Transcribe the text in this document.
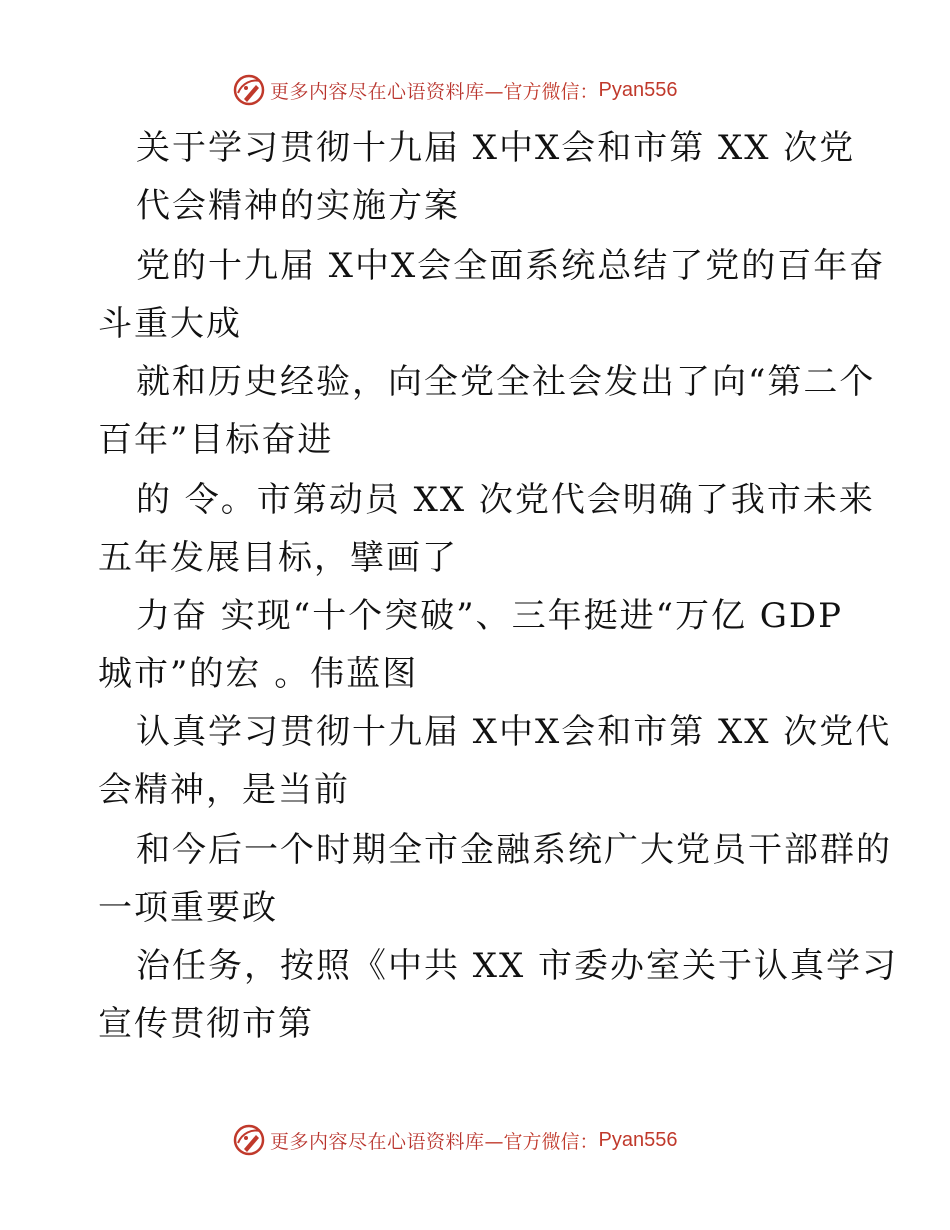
更多内容尽在心语资料库 —官方微信： Pyan556
关于学习贯彻十九届 X中X会和市第 XX 次党
代会精神的实施方案
党的十九届 X中X会全面系统总结了党的百年奋
斗重大成
就和历史经验，向全党全社会发出了向“第二个
百年”目标奋进
的 令。市第动员 XX 次党代会明确了我市未来
五年发展目标，擘画了
力奋 实现“十个突破”、三年挺进“万亿 GDP
城市”的宏 。伟蓝图
认真学习贯彻十九届 X中X会和市第 XX 次党代
会精神，是当前
和今后一个时期全市金融系统广大党员干部群的
一项重要政
治任务，按照《中共 XX 市委办室关于认真学习
宣传贯彻市第
更多内容尽在心语资料库 —官方微信： Pyan556
